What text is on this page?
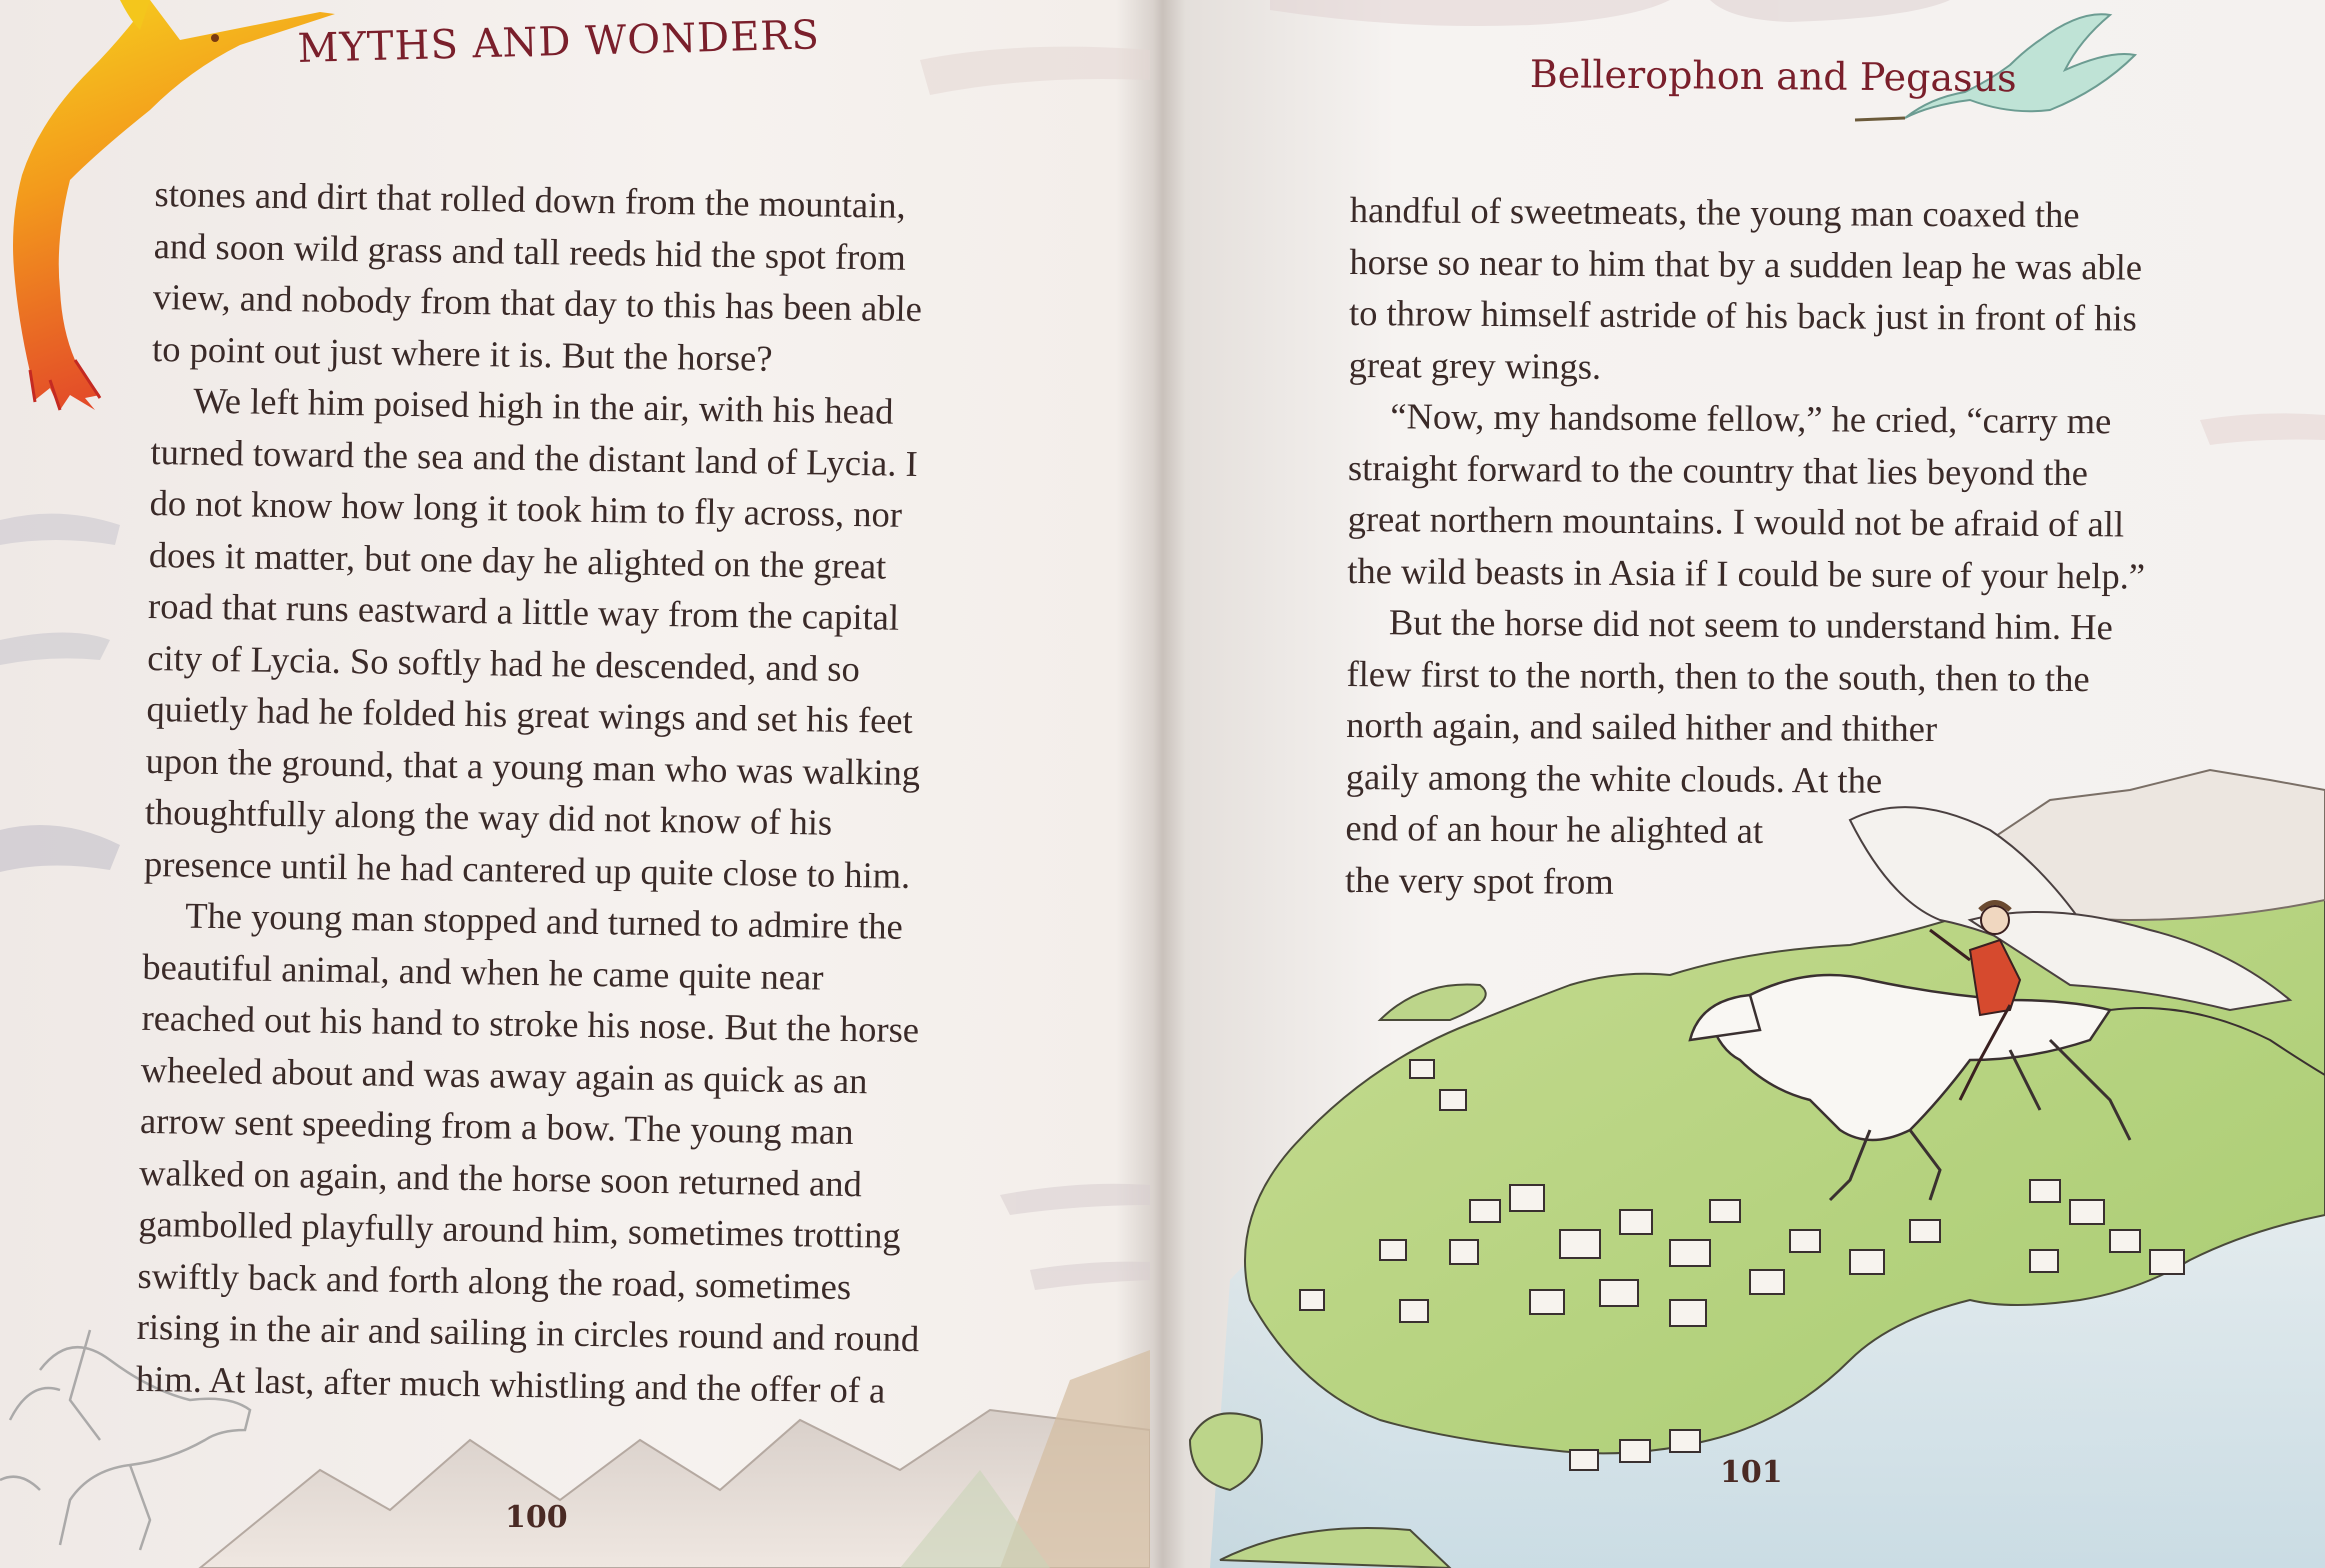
MYTHS AND WONDERS
stones and dirt that rolled down from the mountain,
and soon wild grass and tall reeds hid the spot from
view, and nobody from that day to this has been able
to point out just where it is. But the horse?
We left him poised high in the air, with his head
turned toward the sea and the distant land of Lycia. I
do not know how long it took him to fly across, nor
does it matter, but one day he alighted on the great
road that runs eastward a little way from the capital
city of Lycia. So softly had he descended, and so
quietly had he folded his great wings and set his feet
upon the ground, that a young man who was walking
thoughtfully along the way did not know of his
presence until he had cantered up quite close to him.
The young man stopped and turned to admire the
beautiful animal, and when he came quite near
reached out his hand to stroke his nose. But the horse
wheeled about and was away again as quick as an
arrow sent speeding from a bow. The young man
walked on again, and the horse soon returned and
gambolled playfully around him, sometimes trotting
swiftly back and forth along the road, sometimes
rising in the air and sailing in circles round and round
him. At last, after much whistling and the offer of a
100
Bellerophon and Pegasus
handful of sweetmeats, the young man coaxed the
horse so near to him that by a sudden leap he was able
to throw himself astride of his back just in front of his
great grey wings.
“Now, my handsome fellow,” he cried, “carry me
straight forward to the country that lies beyond the
great northern mountains. I would not be afraid of all
the wild beasts in Asia if I could be sure of your help.”
But the horse did not seem to understand him. He
flew first to the north, then to the south, then to the
north again, and sailed hither and thither
gaily among the white clouds. At the
end of an hour he alighted at
the very spot from
101
